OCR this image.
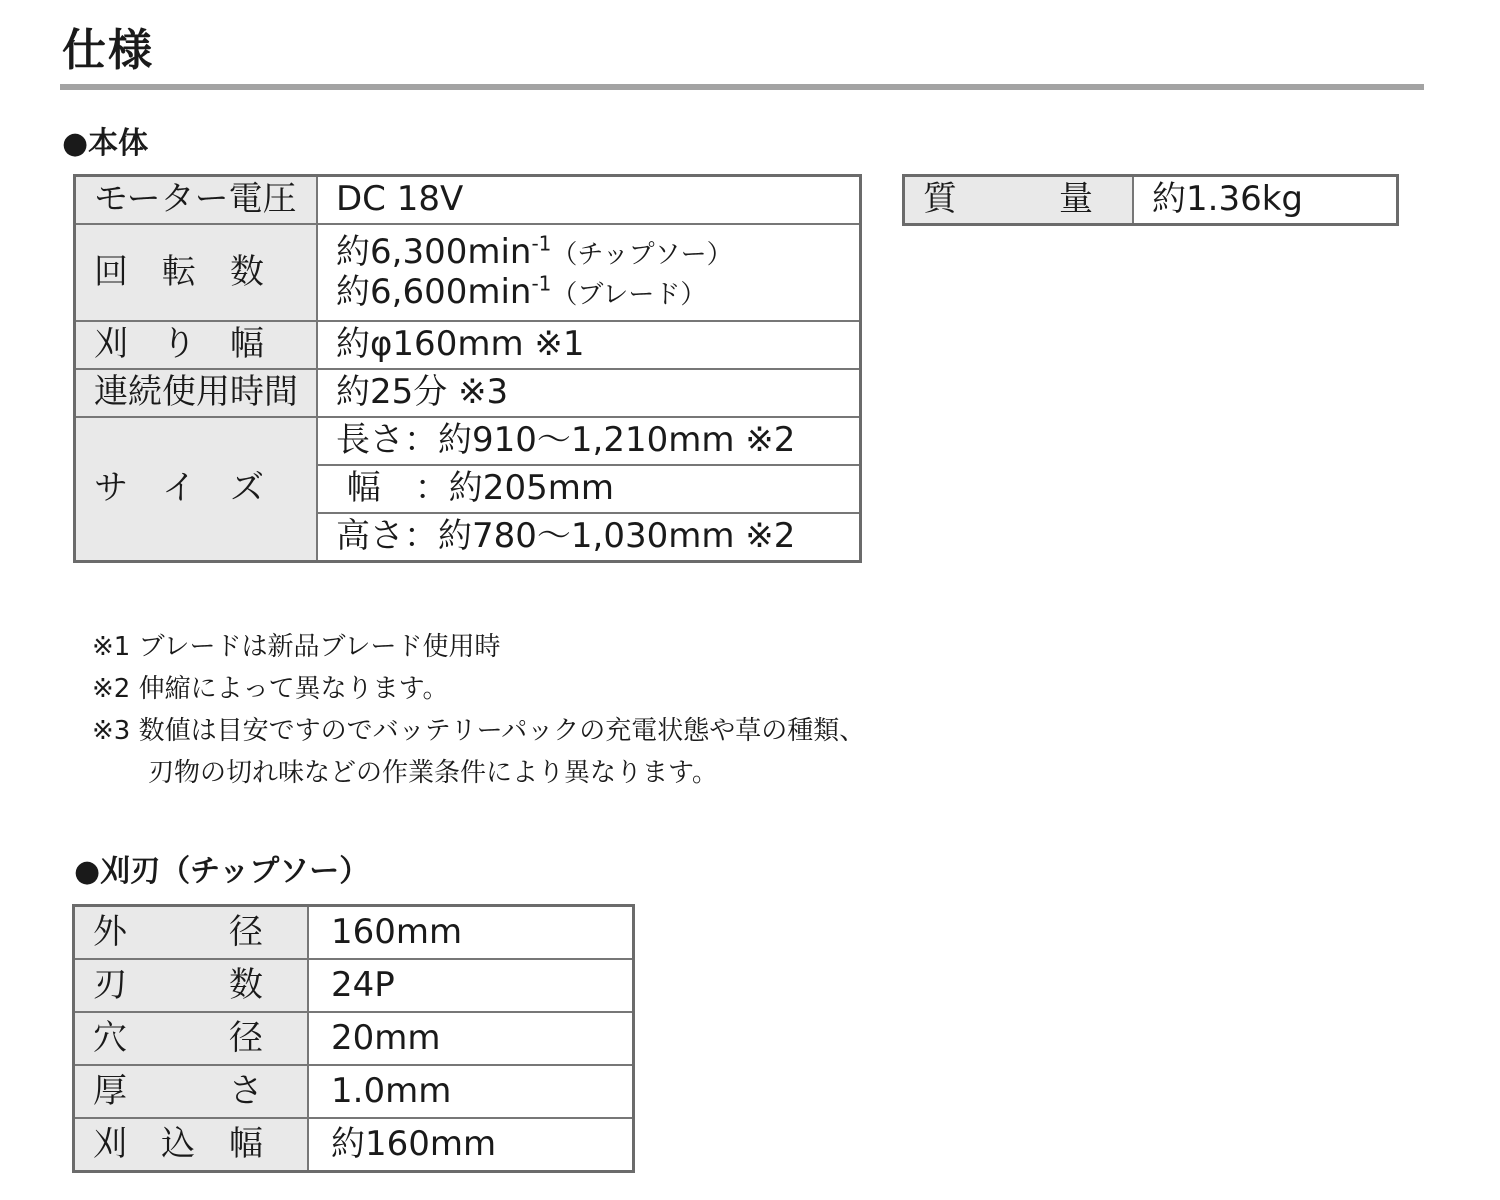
仕様
●本体
モーター電圧	DC 18V
回　転　数	約$6,300\min^{-1}$（チップソー）
約$6,600\min^{-1}$（ブレード）

刈　り　幅	約φ160mm ※1
連続使用時間	約25分 ※3
サ　イ　ズ	長さ：約910～1,210mm ※2
	幅　：約205mm
	高さ：約780～1,030mm ※2
質　　　量	約1.36kg
※1 ブレードは新品ブレード使用時
※2 伸縮によって異なります。
※3 数値は目安ですのでバッテリーパックの充電状態や草の種類、
刃物の切れ味などの作業条件により異なります。
●刈刃（チップソー）
外　　　径	160mm
刃　　　数	24P
穴　　　径	20mm
厚　　　さ	1.0mm
刈　込　幅	約160mm
